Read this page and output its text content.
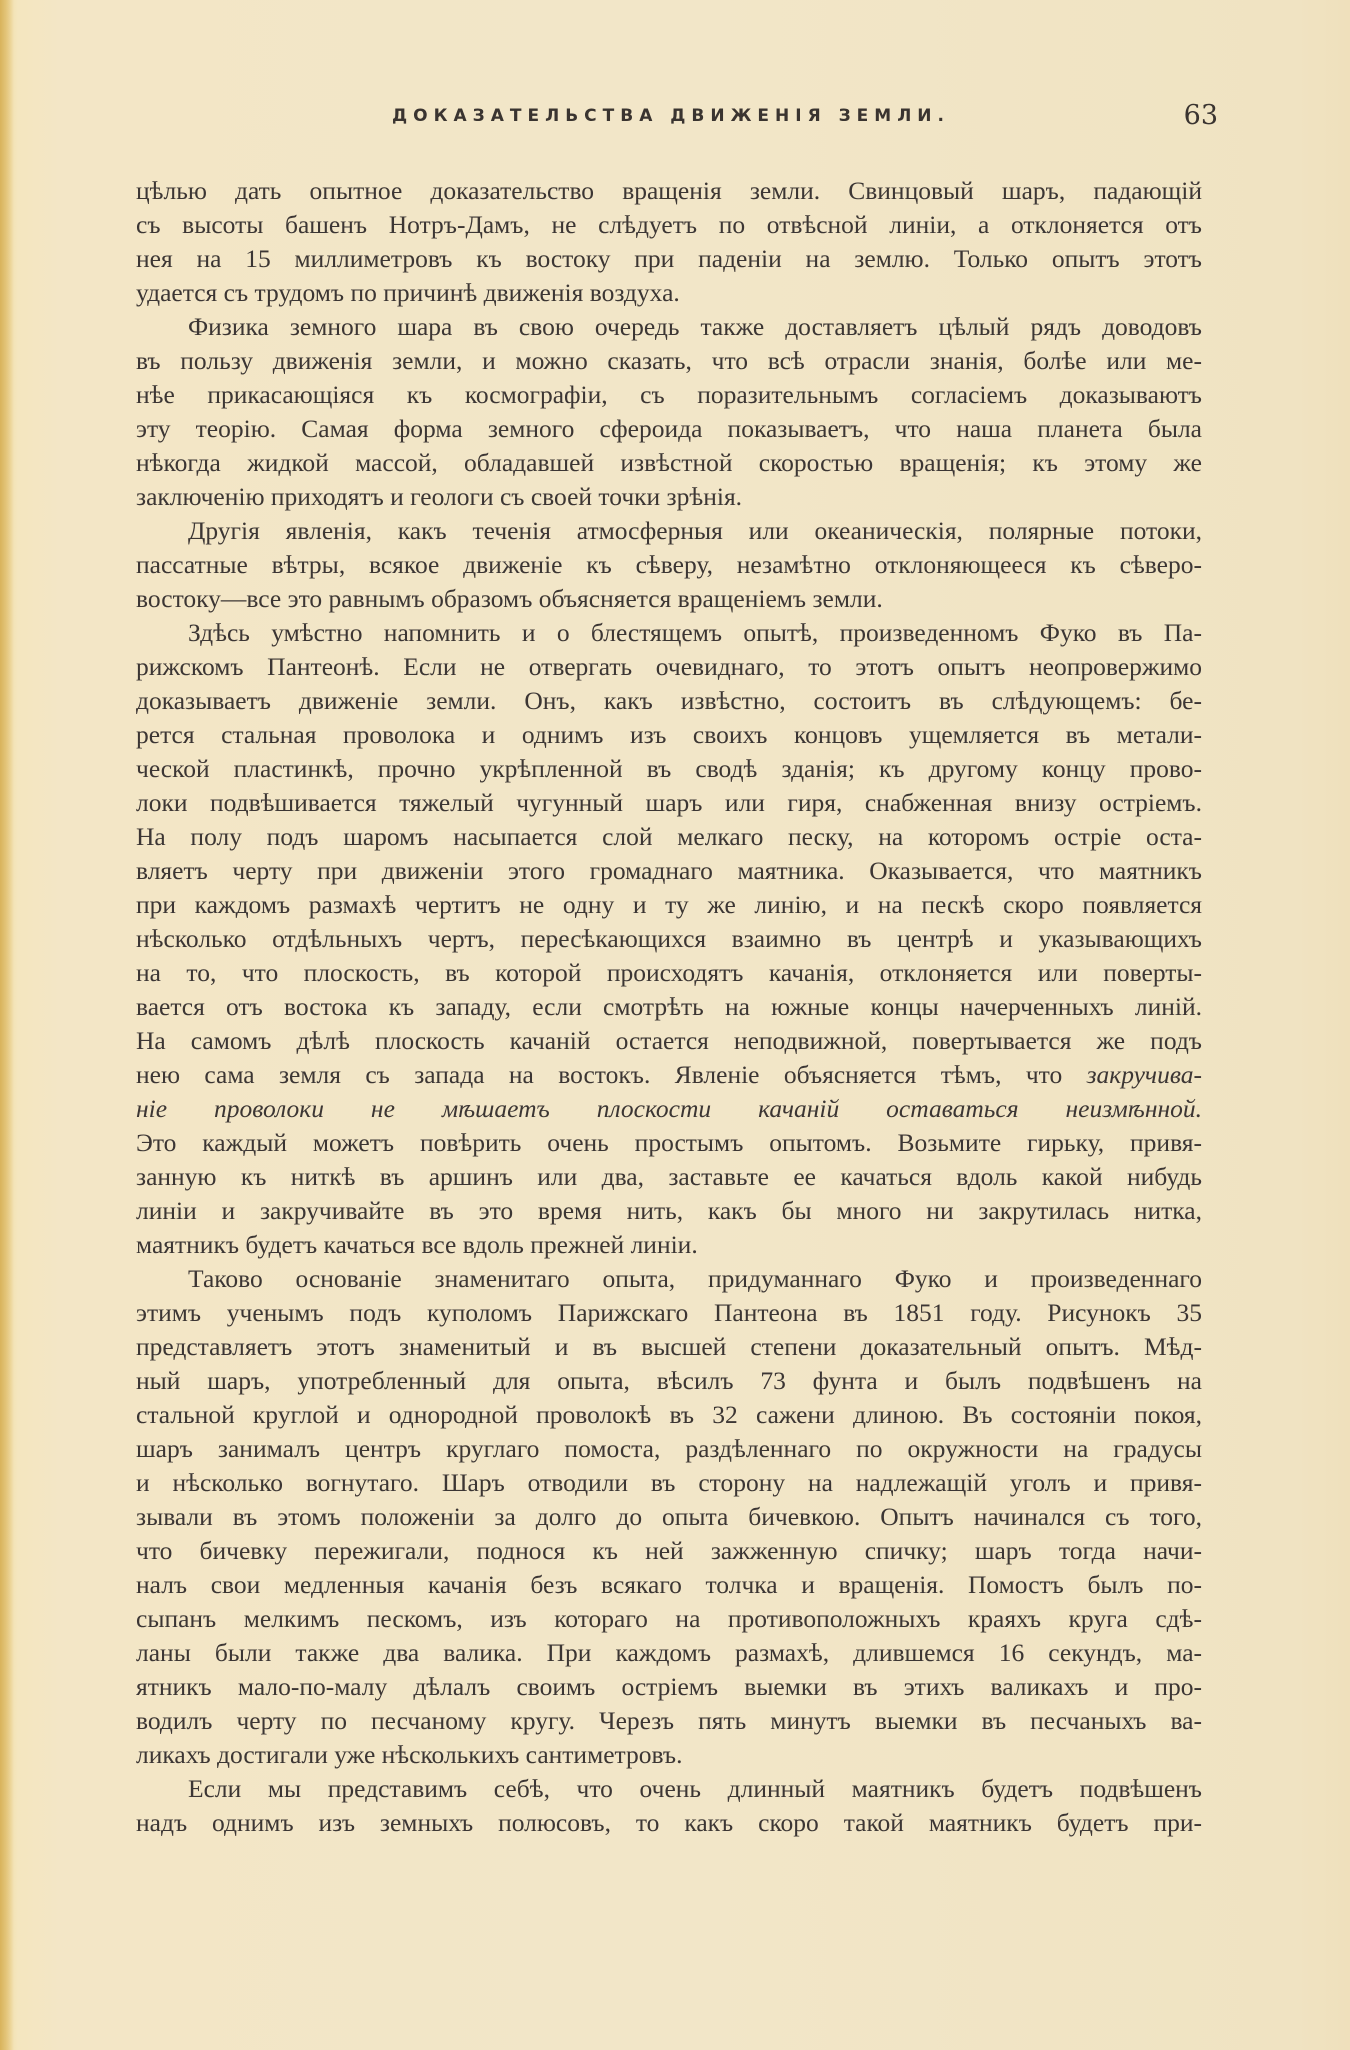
ДОКАЗАТЕЛЬСТВА ДВИЖЕНІЯ ЗЕМЛИ.	63
цѣлью дать опытное доказательство вращенія земли. Свинцовый шаръ, падающій
съ высоты башенъ Нотръ-Дамъ, не слѣдуетъ по отвѣсной линіи, а отклоняется отъ
нея на 15 миллиметровъ къ востоку при паденіи на землю. Только опытъ этотъ
удается съ трудомъ по причинѣ движенія воздуха.
Физика земного шара въ свою очередь также доставляетъ цѣлый рядъ доводовъ
въ пользу движенія земли, и можно сказать, что всѣ отрасли знанія, болѣе или ме-
нѣе прикасающіяся къ космографіи, съ поразительнымъ согласіемъ доказываютъ
эту теорію. Самая форма земного сфероида показываетъ, что наша планета была
нѣкогда жидкой массой, обладавшей извѣстной скоростью вращенія; къ этому же
заключенію приходятъ и геологи съ своей точки зрѣнія.
Другія явленія, какъ теченія атмосферныя или океаническія, полярные потоки,
пассатные вѣтры, всякое движеніе къ сѣверу, незамѣтно отклоняющееся къ сѣверо-
востоку—все это равнымъ образомъ объясняется вращеніемъ земли.
Здѣсь умѣстно напомнить и о блестящемъ опытѣ, произведенномъ Фуко въ Па-
рижскомъ Пантеонѣ. Если не отвергать очевиднаго, то этотъ опытъ неопровержимо
доказываетъ движеніе земли. Онъ, какъ извѣстно, состоитъ въ слѣдующемъ: бе-
рется стальная проволока и однимъ изъ своихъ концовъ ущемляется въ метали-
ческой пластинкѣ, прочно укрѣпленной въ сводѣ зданія; къ другому концу прово-
локи подвѣшивается тяжелый чугунный шаръ или гиря, снабженная внизу остріемъ.
На полу подъ шаромъ насыпается слой мелкаго песку, на которомъ остріе оста-
вляетъ черту при движеніи этого громаднаго маятника. Оказывается, что маятникъ
при каждомъ размахѣ чертитъ не одну и ту же линію, и на пескѣ скоро появляется
нѣсколько отдѣльныхъ чертъ, пересѣкающихся взаимно въ центрѣ и указывающихъ
на то, что плоскость, въ которой происходятъ качанія, отклоняется или поверты-
вается отъ востока къ западу, если смотрѣть на южные концы начерченныхъ линій.
На самомъ дѣлѣ плоскость качаній остается неподвижной, повертывается же подъ
нею сама земля съ запада на востокъ. Явленіе объясняется тѣмъ, что закручива-
ніе проволоки не мѣшаетъ плоскости качаній оставаться неизмѣнной.
Это каждый можетъ повѣрить очень простымъ опытомъ. Возьмите гирьку, привя-
занную къ ниткѣ въ аршинъ или два, заставьте ее качаться вдоль какой нибудь
линіи и закручивайте въ это время нить, какъ бы много ни закрутилась нитка,
маятникъ будетъ качаться все вдоль прежней линіи.
Таково основаніе знаменитаго опыта, придуманнаго Фуко и произведеннаго
этимъ ученымъ подъ куполомъ Парижскаго Пантеона въ 1851 году. Рисунокъ 35
представляетъ этотъ знаменитый и въ высшей степени доказательный опытъ. Мѣд-
ный шаръ, употребленный для опыта, вѣсилъ 73 фунта и былъ подвѣшенъ на
стальной круглой и однородной проволокѣ въ 32 сажени длиною. Въ состояніи покоя,
шаръ занималъ центръ круглаго помоста, раздѣленнаго по окружности на градусы
и нѣсколько вогнутаго. Шаръ отводили въ сторону на надлежащій уголъ и привя-
зывали въ этомъ положеніи за долго до опыта бичевкою. Опытъ начинался съ того,
что бичевку пережигали, поднося къ ней зажженную спичку; шаръ тогда начи-
налъ свои медленныя качанія безъ всякаго толчка и вращенія. Помостъ былъ по-
сыпанъ мелкимъ пескомъ, изъ котораго на противоположныхъ краяхъ круга сдѣ-
ланы были также два валика. При каждомъ размахѣ, длившемся 16 секундъ, ма-
ятникъ мало-по-малу дѣлалъ своимъ остріемъ выемки въ этихъ валикахъ и про-
водилъ черту по песчаному кругу. Черезъ пять минутъ выемки въ песчаныхъ ва-
ликахъ достигали уже нѣсколькихъ сантиметровъ.
Если мы представимъ себѣ, что очень длинный маятникъ будетъ подвѣшенъ
надъ однимъ изъ земныхъ полюсовъ, то какъ скоро такой маятникъ будетъ при-
